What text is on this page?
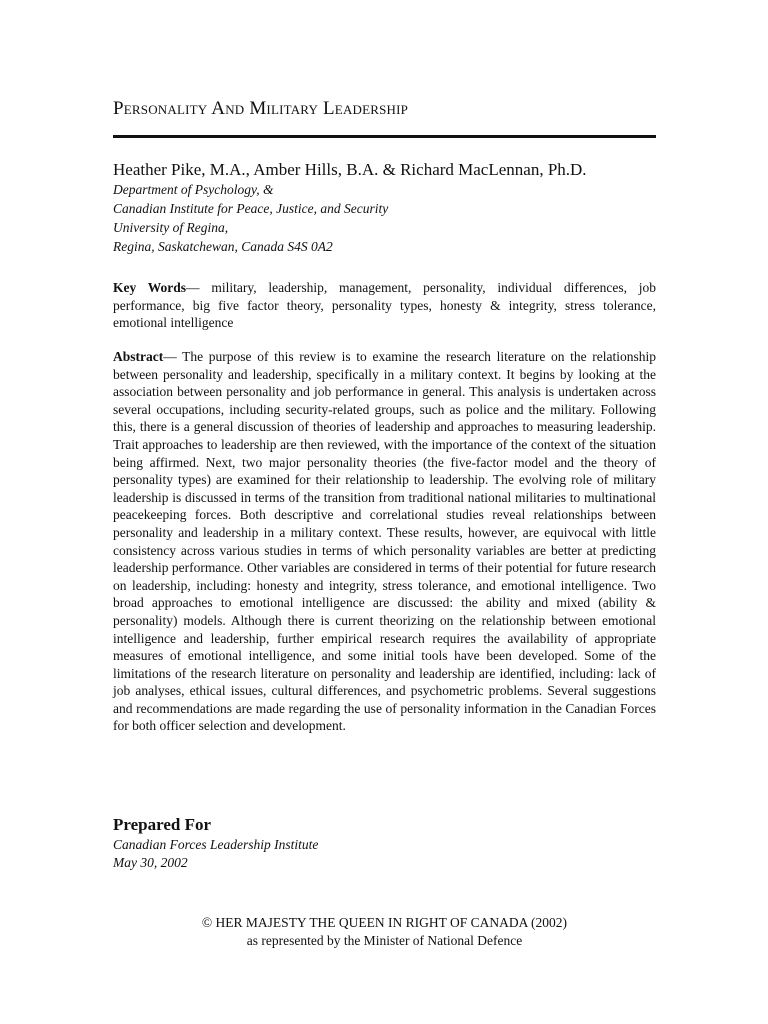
Personality And Military Leadership
Heather Pike, M.A., Amber Hills, B.A. & Richard MacLennan, Ph.D.
Department of Psychology, &
Canadian Institute for Peace, Justice, and Security
University of Regina,
Regina, Saskatchewan, Canada S4S 0A2
Key Words— military, leadership, management, personality, individual differences, job performance, big five factor theory, personality types, honesty & integrity, stress tolerance, emotional intelligence
Abstract— The purpose of this review is to examine the research literature on the relationship between personality and leadership, specifically in a military context. It begins by looking at the association between personality and job performance in general. This analysis is undertaken across several occupations, including security-related groups, such as police and the military. Following this, there is a general discussion of theories of leadership and approaches to measuring leadership. Trait approaches to leadership are then reviewed, with the importance of the context of the situation being affirmed. Next, two major personality theories (the five-factor model and the theory of personality types) are examined for their relationship to leadership. The evolving role of military leadership is discussed in terms of the transition from traditional national militaries to multinational peacekeeping forces. Both descriptive and correlational studies reveal relationships between personality and leadership in a military context. These results, however, are equivocal with little consistency across various studies in terms of which personality variables are better at predicting leadership performance. Other variables are considered in terms of their potential for future research on leadership, including: honesty and integrity, stress tolerance, and emotional intelligence. Two broad approaches to emotional intelligence are discussed: the ability and mixed (ability & personality) models. Although there is current theorizing on the relationship between emotional intelligence and leadership, further empirical research requires the availability of appropriate measures of emotional intelligence, and some initial tools have been developed. Some of the limitations of the research literature on personality and leadership are identified, including: lack of job analyses, ethical issues, cultural differences, and psychometric problems. Several suggestions and recommendations are made regarding the use of personality information in the Canadian Forces for both officer selection and development.
Prepared For
Canadian Forces Leadership Institute
May 30, 2002
© HER MAJESTY THE QUEEN IN RIGHT OF CANADA (2002)
as represented by the Minister of National Defence
